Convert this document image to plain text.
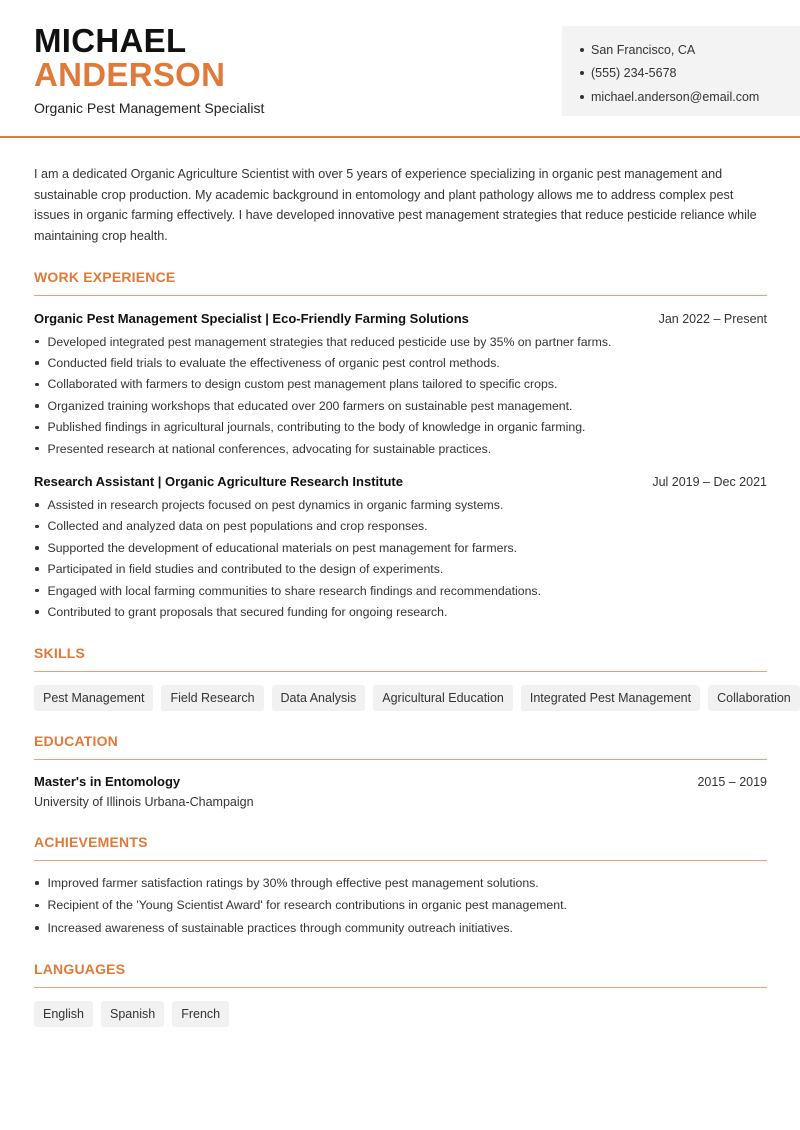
MICHAEL
ANDERSON
Organic Pest Management Specialist
San Francisco, CA
(555) 234-5678
michael.anderson@email.com

I am a dedicated Organic Agriculture Scientist with over 5 years of experience specializing in organic pest management and sustainable crop production. My academic background in entomology and plant pathology allows me to address complex pest issues in organic farming effectively. I have developed innovative pest management strategies that reduce pesticide reliance while maintaining crop health.

WORK EXPERIENCE
Organic Pest Management Specialist | Eco-Friendly Farming Solutions	Jan 2022 – Present
Developed integrated pest management strategies that reduced pesticide use by 35% on partner farms.
Conducted field trials to evaluate the effectiveness of organic pest control methods.
Collaborated with farmers to design custom pest management plans tailored to specific crops.
Organized training workshops that educated over 200 farmers on sustainable pest management.
Published findings in agricultural journals, contributing to the body of knowledge in organic farming.
Presented research at national conferences, advocating for sustainable practices.
Research Assistant | Organic Agriculture Research Institute	Jul 2019 – Dec 2021
Assisted in research projects focused on pest dynamics in organic farming systems.
Collected and analyzed data on pest populations and crop responses.
Supported the development of educational materials on pest management for farmers.
Participated in field studies and contributed to the design of experiments.
Engaged with local farming communities to share research findings and recommendations.
Contributed to grant proposals that secured funding for ongoing research.
SKILLS
Pest Management	Field Research	Data Analysis	Agricultural Education	Integrated Pest Management	Collaboration
EDUCATION
Master's in Entomology	2015 – 2019
University of Illinois Urbana-Champaign
ACHIEVEMENTS
Improved farmer satisfaction ratings by 30% through effective pest management solutions.
Recipient of the 'Young Scientist Award' for research contributions in organic pest management.
Increased awareness of sustainable practices through community outreach initiatives.
LANGUAGES
English	Spanish	French
